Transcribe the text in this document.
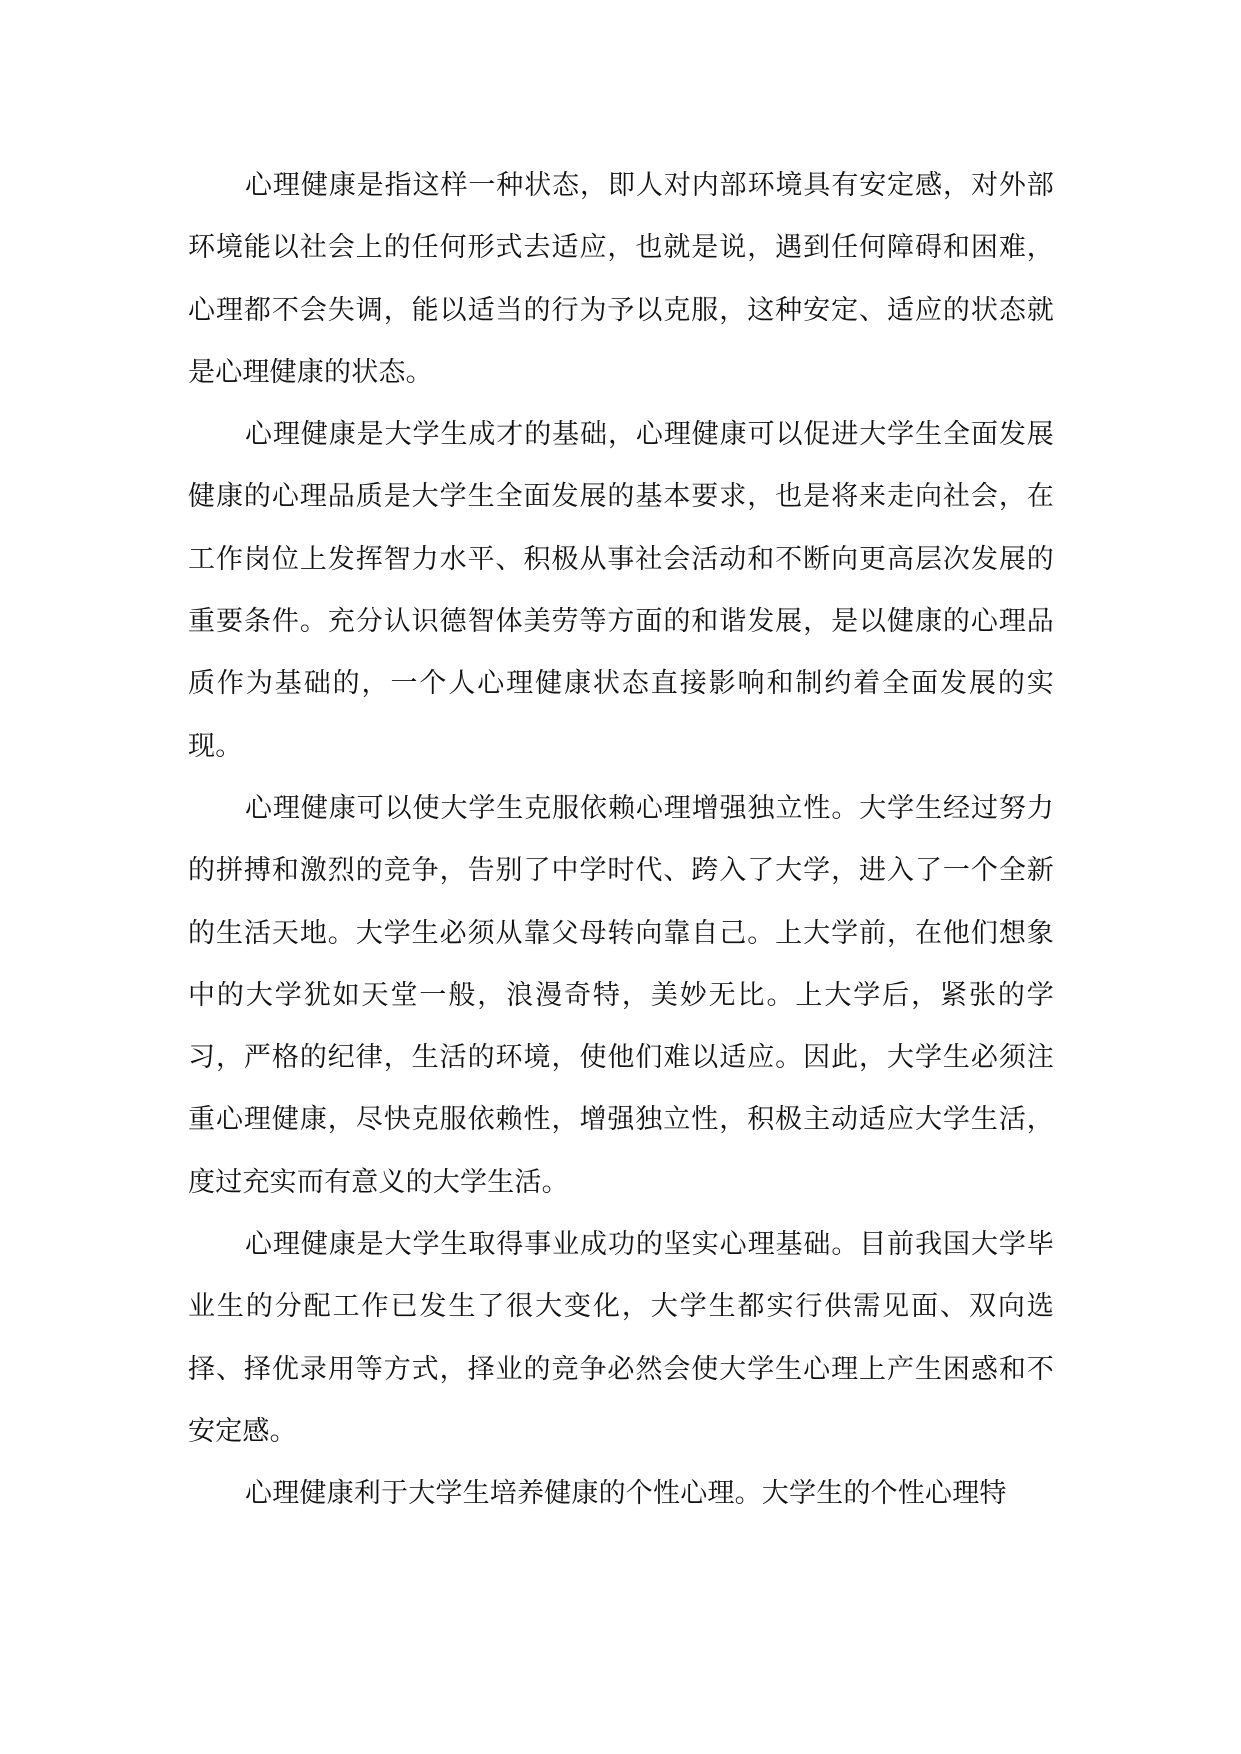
心理健康是指这样一种状态，即人对内部环境具有安定感，对外部环境能以社会上的任何形式去适应，也就是说，遇到任何障碍和困难，心理都不会失调，能以适当的行为予以克服，这种安定、适应的状态就是心理健康的状态。

心理健康是大学生成才的基础，心理健康可以促进大学生全面发展健康的心理品质是大学生全面发展的基本要求，也是将来走向社会，在工作岗位上发挥智力水平、积极从事社会活动和不断向更高层次发展的重要条件。充分认识德智体美劳等方面的和谐发展，是以健康的心理品质作为基础的，一个人心理健康状态直接影响和制约着全面发展的实现。

心理健康可以使大学生克服依赖心理增强独立性。大学生经过努力的拼搏和激烈的竞争，告别了中学时代、跨入了大学，进入了一个全新的生活天地。大学生必须从靠父母转向靠自己。上大学前，在他们想象中的大学犹如天堂一般，浪漫奇特，美妙无比。上大学后，紧张的学习，严格的纪律，生活的环境，使他们难以适应。因此，大学生必须注重心理健康，尽快克服依赖性，增强独立性，积极主动适应大学生活，度过充实而有意义的大学生活。

心理健康是大学生取得事业成功的坚实心理基础。目前我国大学毕业生的分配工作已发生了很大变化，大学生都实行供需见面、双向选择、择优录用等方式，择业的竞争必然会使大学生心理上产生困惑和不安定感。

心理健康利于大学生培养健康的个性心理。大学生的个性心理特
